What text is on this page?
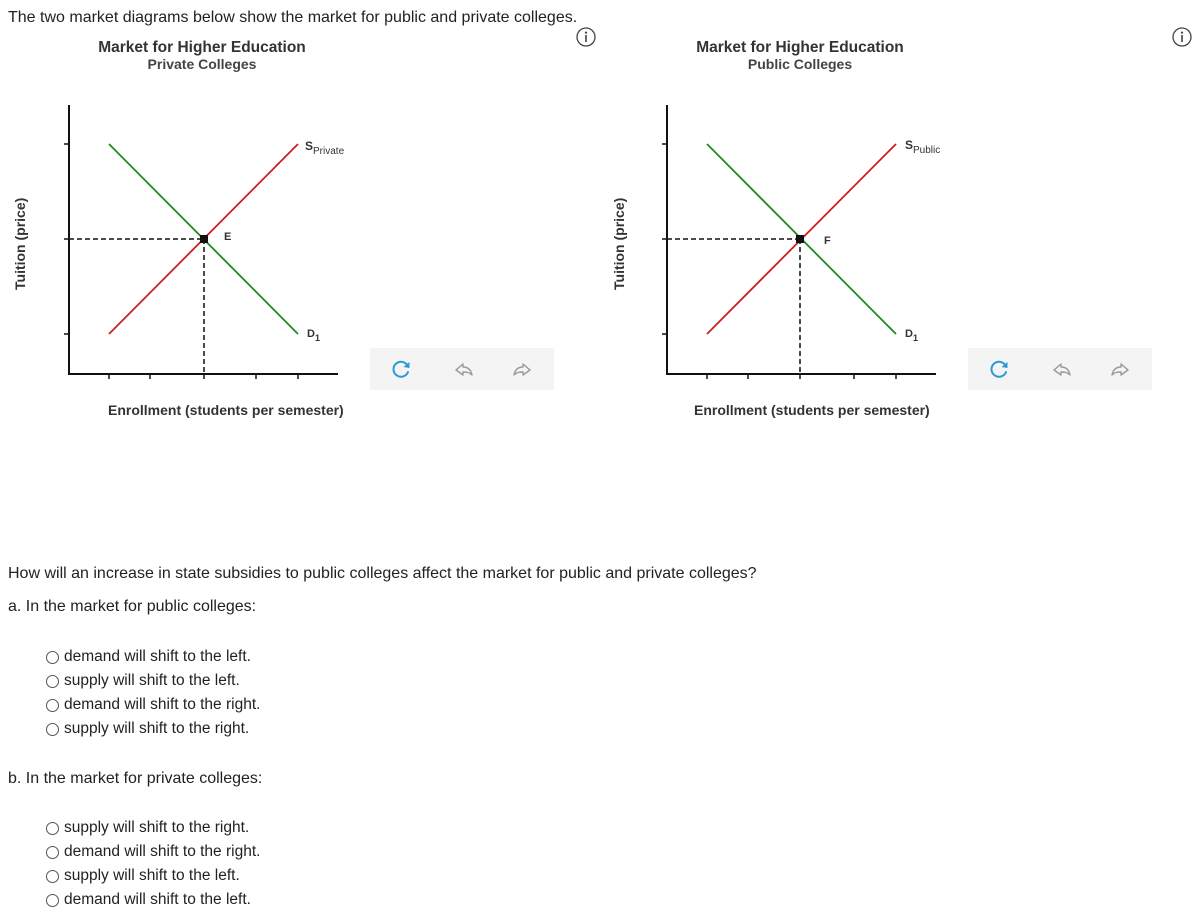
The two market diagrams below show the market for public and private colleges.
Market for Higher Education
Private Colleges
Tuition (price)
Enrollment (students per semester)
E
$S_{Private}$
$D_1$
Market for Higher Education
Public Colleges
Tuition (price)
Enrollment (students per semester)
F
$S_{Public}$
$D_1$
How will an increase in state subsidies to public colleges affect the market for public and private colleges?
a. In the market for public colleges:
demand will shift to the left.
supply will shift to the left.
demand will shift to the right.
supply will shift to the right.
b. In the market for private colleges:
supply will shift to the right.
demand will shift to the right.
supply will shift to the left.
demand will shift to the left.
